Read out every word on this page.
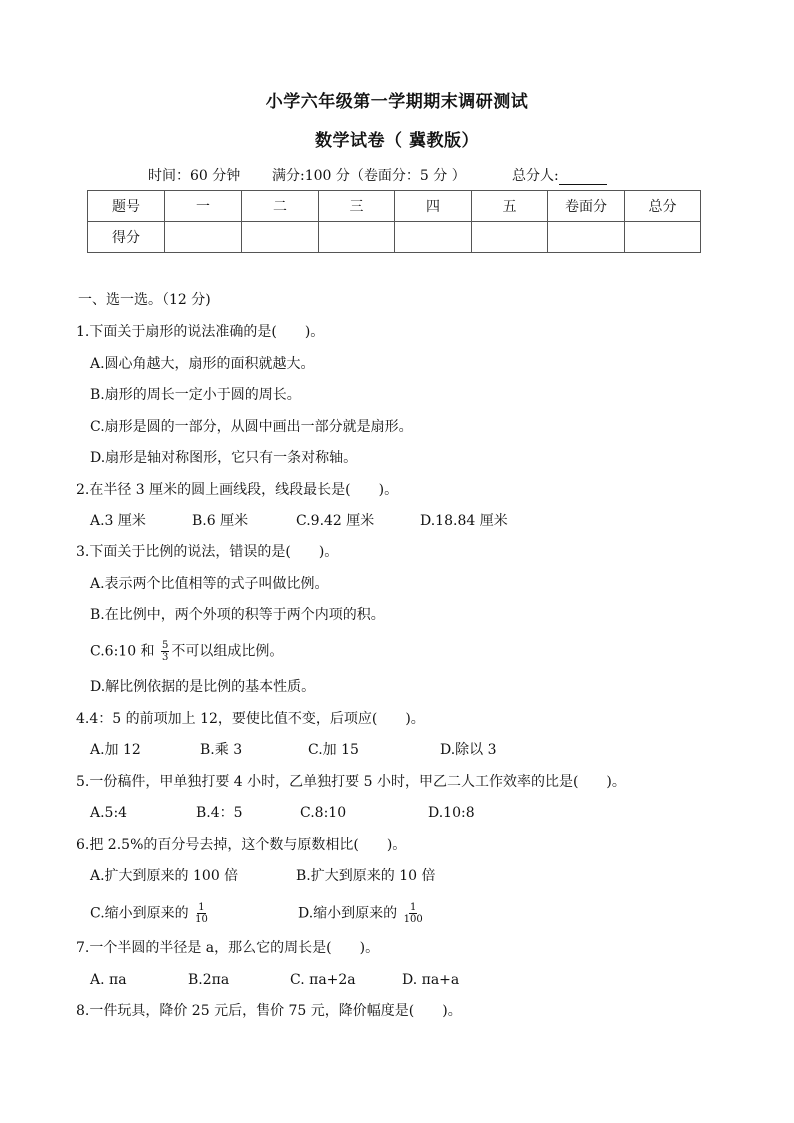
小学六年级第一学期期末调研测试
数学试卷（ 冀教版）
时间：60 分钟 满分:100 分（卷面分：5 分 ）	总分人:
题号	一	二	三	四	五	卷面分	总分
得分							
一、选一选。（12 分)
1.下面关于扇形的说法准确的是(　　)。
A.圆心角越大，扇形的面积就越大。
B.扇形的周长一定小于圆的周长。
C.扇形是圆的一部分，从圆中画出一部分就是扇形。
D.扇形是轴对称图形，它只有一条对称轴。
2.在半径 3 厘米的圆上画线段，线段最长是(　　)。
A.3 厘米	B.6 厘米	C.9.42 厘米	D.18.84 厘米
3.下面关于比例的说法，错误的是(　　)。
A.表示两个比值相等的式子叫做比例。
B.在比例中，两个外项的积等于两个内项的积。
C.6:10 和 $\frac{5}{3}$ 不可以组成比例。
D.解比例依据的是比例的基本性质。
4.4：5 的前项加上 12，要使比值不变，后项应(　　)。
A.加 12	B.乘 3	C.加 15	D.除以 3
5.一份稿件，甲单独打要 4 小时，乙单独打要 5 小时，甲乙二人工作效率的比是(　　)。
A.5:4	B.4：5	C.8:10	D.10:8
6.把 2.5%的百分号去掉，这个数与原数相比(　　)。
A.扩大到原来的 100 倍	B.扩大到原来的 10 倍
C.缩小到原来的 $\frac{1}{10}$	D.缩小到原来的 $\frac{1}{100}$
7.一个半圆的半径是 a，那么它的周长是(　　)。
A. πa	B.2πa	C. πa+2a	D. πa+a
8.一件玩具，降价 25 元后，售价 75 元，降价幅度是(　　)。
